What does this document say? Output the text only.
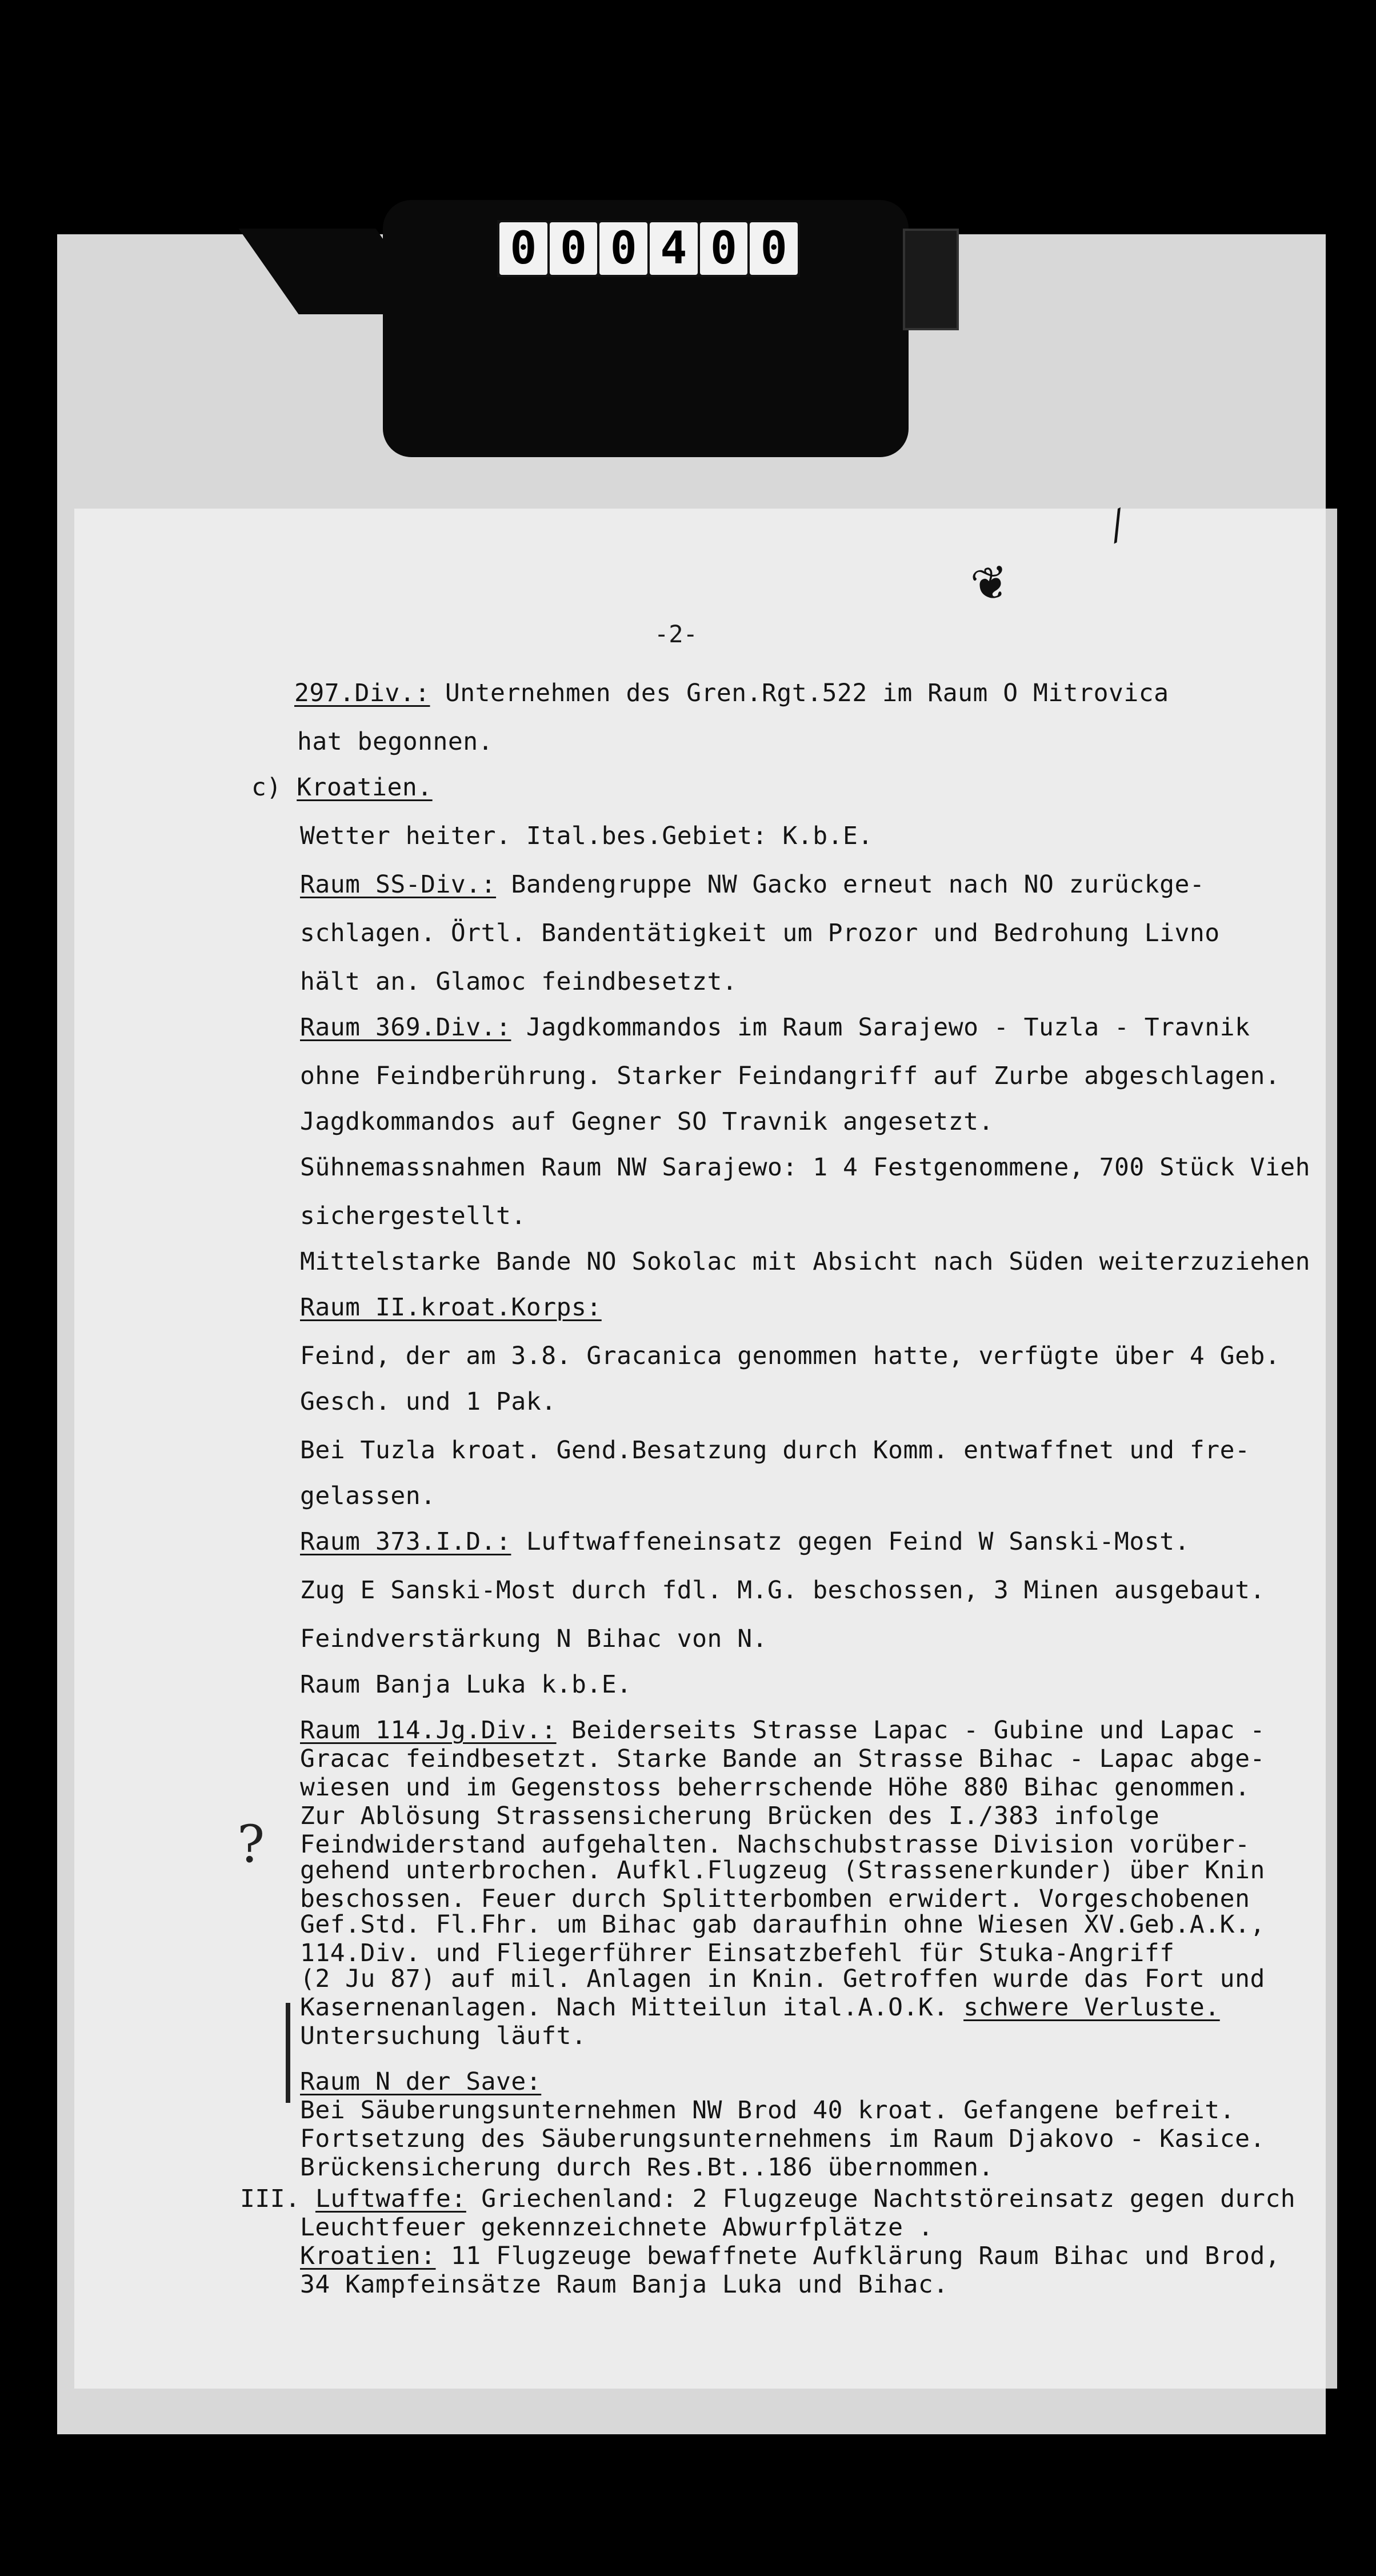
0 0 0 4 0 0
❦
⁄
-2-
?
297.Div.: Unternehmen des Gren.Rgt.522 im Raum O Mitrovica
hat begonnen.
c) Kroatien.
Wetter heiter. Ital.bes.Gebiet: K.b.E.
Raum SS-Div.: Bandengruppe NW Gacko erneut nach NO zurückge-
schlagen. Örtl. Bandentätigkeit um Prozor und Bedrohung Livno
hält an. Glamoc feindbesetzt.
Raum 369.Div.: Jagdkommandos im Raum Sarajewo - Tuzla - Travnik
ohne Feindberührung. Starker Feindangriff auf Zurbe abgeschlagen.
Jagdkommandos auf Gegner SO Travnik angesetzt.
Sühnemassnahmen Raum NW Sarajewo: 1 4 Festgenommene, 700 Stück Vieh
sichergestellt.
Mittelstarke Bande NO Sokolac mit Absicht nach Süden weiterzuziehen
Raum II.kroat.Korps:
Feind, der am 3.8. Gracanica genommen hatte, verfügte über 4 Geb.
Gesch. und 1 Pak.
Bei Tuzla kroat. Gend.Besatzung durch Komm. entwaffnet und fre-
gelassen.
Raum 373.I.D.: Luftwaffeneinsatz gegen Feind W Sanski-Most.
Zug E Sanski-Most durch fdl. M.G. beschossen, 3 Minen ausgebaut.
Feindverstärkung N Bihac von N.
Raum Banja Luka k.b.E.
Raum 114.Jg.Div.: Beiderseits Strasse Lapac - Gubine und Lapac -
Gracac feindbesetzt. Starke Bande an Strasse Bihac - Lapac abge-
wiesen und im Gegenstoss beherrschende Höhe 880 Bihac genommen.
Zur Ablösung Strassensicherung Brücken des I./383 infolge
Feindwiderstand aufgehalten. Nachschubstrasse Division vorüber-
gehend unterbrochen. Aufkl.Flugzeug (Strassenerkunder) über Knin
beschossen. Feuer durch Splitterbomben erwidert. Vorgeschobenen
Gef.Std. Fl.Fhr. um Bihac gab daraufhin ohne Wiesen XV.Geb.A.K.,
114.Div. und Fliegerführer Einsatzbefehl für Stuka-Angriff
(2 Ju 87) auf mil. Anlagen in Knin. Getroffen wurde das Fort und
Kasernenanlagen. Nach Mitteilun ital.A.O.K. schwere Verluste.
Untersuchung läuft.
Raum N der Save:
Bei Säuberungsunternehmen NW Brod 40 kroat. Gefangene befreit.
Fortsetzung des Säuberungsunternehmens im Raum Djakovo - Kasice.
Brückensicherung durch Res.Bt..186 übernommen.
III. Luftwaffe: Griechenland: 2 Flugzeuge Nachtstöreinsatz gegen durch
Leuchtfeuer gekennzeichnete Abwurfplätze .
Kroatien: 11 Flugzeuge bewaffnete Aufklärung Raum Bihac und Brod,
34 Kampfeinsätze Raum Banja Luka und Bihac.
